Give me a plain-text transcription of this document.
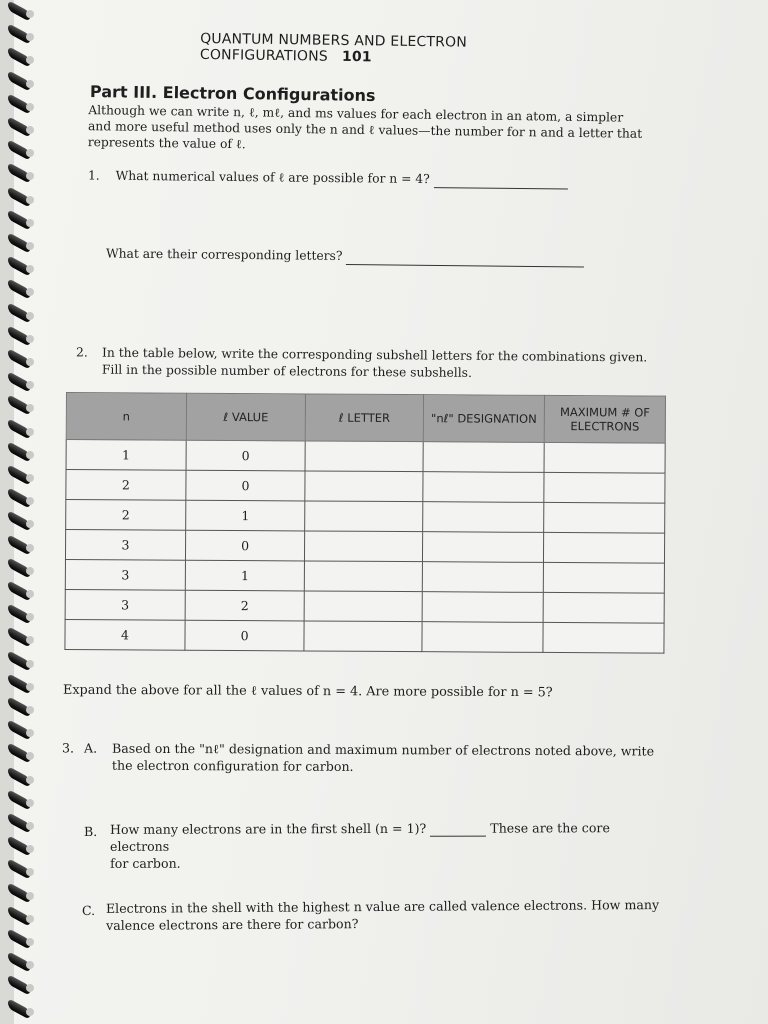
QUANTUM NUMBERS AND ELECTRON CONFIGURATIONS 101
Part III. Electron Configurations
Although we can write n, ℓ, mℓ, and ms values for each electron in an atom, a simpler and more useful method uses only the n and ℓ values—the number for n and a letter that represents the value of ℓ.
1. What numerical values of ℓ are possible for n = 4?
What are their corresponding letters?
2. In the table below, write the corresponding subshell letters for the combinations given. Fill in the possible number of electrons for these subshells.
n	ℓ VALUE	ℓ LETTER	"nℓ" DESIGNATION	MAXIMUM # OF ELECTRONS
1	0			
2	0			
2	1			
3	0			
3	1			
3	2			
4	0			
Expand the above for all the ℓ values of n = 4. Are more possible for n = 5?
3. A. Based on the "nℓ" designation and maximum number of electrons noted above, write the electron configuration for carbon.
B. How many electrons are in the first shell (n = 1)?	These are the core electrons
for carbon.
C. Electrons in the shell with the highest n value are called valence electrons. How many valence electrons are there for carbon?
